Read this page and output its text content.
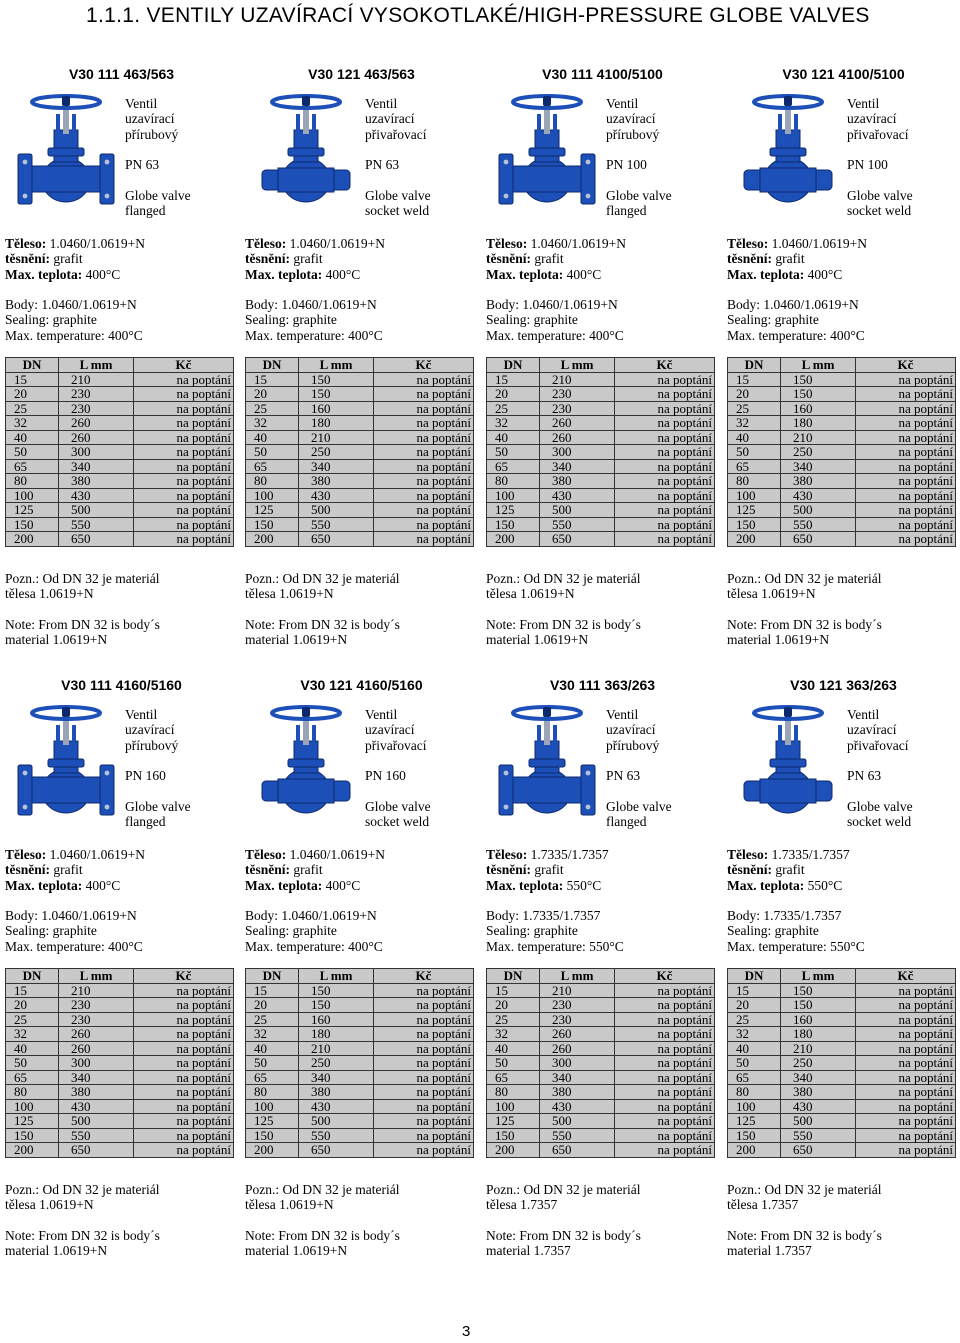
1.1.1. VENTILY UZAVÍRACÍ VYSOKOTLAKÉ/HIGH-PRESSURE GLOBE VALVES
V30 111 463/563
Ventil
uzavírací
přírubový
PN 63
Globe valve
flanged
Těleso: 1.0460/1.0619+N
těsnění: grafit
Max. teplota: 400°C
Body: 1.0460/1.0619+N
Sealing: graphite
Max. temperature: 400°C
DN	L mm	Kč
15	210	na poptání
20	230	na poptání
25	230	na poptání
32	260	na poptání
40	260	na poptání
50	300	na poptání
65	340	na poptání
80	380	na poptání
100	430	na poptání
125	500	na poptání
150	550	na poptání
200	650	na poptání
Pozn.: Od DN 32 je materiál
tělesa 1.0619+N
Note: From DN 32 is body´s
material 1.0619+N
V30 121 463/563
Ventil
uzavírací
přivařovací
PN 63
Globe valve
socket weld
Těleso: 1.0460/1.0619+N
těsnění: grafit
Max. teplota: 400°C
Body: 1.0460/1.0619+N
Sealing: graphite
Max. temperature: 400°C
DN	L mm	Kč
15	150	na poptání
20	150	na poptání
25	160	na poptání
32	180	na poptání
40	210	na poptání
50	250	na poptání
65	340	na poptání
80	380	na poptání
100	430	na poptání
125	500	na poptání
150	550	na poptání
200	650	na poptání
Pozn.: Od DN 32 je materiál
tělesa 1.0619+N
Note: From DN 32 is body´s
material 1.0619+N
V30 111 4100/5100
Ventil
uzavírací
přírubový
PN 100
Globe valve
flanged
Těleso: 1.0460/1.0619+N
těsnění: grafit
Max. teplota: 400°C
Body: 1.0460/1.0619+N
Sealing: graphite
Max. temperature: 400°C
DN	L mm	Kč
15	210	na poptání
20	230	na poptání
25	230	na poptání
32	260	na poptání
40	260	na poptání
50	300	na poptání
65	340	na poptání
80	380	na poptání
100	430	na poptání
125	500	na poptání
150	550	na poptání
200	650	na poptání
Pozn.: Od DN 32 je materiál
tělesa 1.0619+N
Note: From DN 32 is body´s
material 1.0619+N
V30 121 4100/5100
Ventil
uzavírací
přivařovací
PN 100
Globe valve
socket weld
Těleso: 1.0460/1.0619+N
těsnění: grafit
Max. teplota: 400°C
Body: 1.0460/1.0619+N
Sealing: graphite
Max. temperature: 400°C
DN	L mm	Kč
15	150	na poptání
20	150	na poptání
25	160	na poptání
32	180	na poptání
40	210	na poptání
50	250	na poptání
65	340	na poptání
80	380	na poptání
100	430	na poptání
125	500	na poptání
150	550	na poptání
200	650	na poptání
Pozn.: Od DN 32 je materiál
tělesa 1.0619+N
Note: From DN 32 is body´s
material 1.0619+N
V30 111 4160/5160
Ventil
uzavírací
přírubový
PN 160
Globe valve
flanged
Těleso: 1.0460/1.0619+N
těsnění: grafit
Max. teplota: 400°C
Body: 1.0460/1.0619+N
Sealing: graphite
Max. temperature: 400°C
DN	L mm	Kč
15	210	na poptání
20	230	na poptání
25	230	na poptání
32	260	na poptání
40	260	na poptání
50	300	na poptání
65	340	na poptání
80	380	na poptání
100	430	na poptání
125	500	na poptání
150	550	na poptání
200	650	na poptání
Pozn.: Od DN 32 je materiál
tělesa 1.0619+N
Note: From DN 32 is body´s
material 1.0619+N
V30 121 4160/5160
Ventil
uzavírací
přivařovací
PN 160
Globe valve
socket weld
Těleso: 1.0460/1.0619+N
těsnění: grafit
Max. teplota: 400°C
Body: 1.0460/1.0619+N
Sealing: graphite
Max. temperature: 400°C
DN	L mm	Kč
15	150	na poptání
20	150	na poptání
25	160	na poptání
32	180	na poptání
40	210	na poptání
50	250	na poptání
65	340	na poptání
80	380	na poptání
100	430	na poptání
125	500	na poptání
150	550	na poptání
200	650	na poptání
Pozn.: Od DN 32 je materiál
tělesa 1.0619+N
Note: From DN 32 is body´s
material 1.0619+N
V30 111 363/263
Ventil
uzavírací
přírubový
PN 63
Globe valve
flanged
Těleso: 1.7335/1.7357
těsnění: grafit
Max. teplota: 550°C
Body: 1.7335/1.7357
Sealing: graphite
Max. temperature: 550°C
DN	L mm	Kč
15	210	na poptání
20	230	na poptání
25	230	na poptání
32	260	na poptání
40	260	na poptání
50	300	na poptání
65	340	na poptání
80	380	na poptání
100	430	na poptání
125	500	na poptání
150	550	na poptání
200	650	na poptání
Pozn.: Od DN 32 je materiál
tělesa 1.7357
Note: From DN 32 is body´s
material 1.7357
V30 121 363/263
Ventil
uzavírací
přivařovací
PN 63
Globe valve
socket weld
Těleso: 1.7335/1.7357
těsnění: grafit
Max. teplota: 550°C
Body: 1.7335/1.7357
Sealing: graphite
Max. temperature: 550°C
DN	L mm	Kč
15	150	na poptání
20	150	na poptání
25	160	na poptání
32	180	na poptání
40	210	na poptání
50	250	na poptání
65	340	na poptání
80	380	na poptání
100	430	na poptání
125	500	na poptání
150	550	na poptání
200	650	na poptání
Pozn.: Od DN 32 je materiál
tělesa 1.7357
Note: From DN 32 is body´s
material 1.7357
3
